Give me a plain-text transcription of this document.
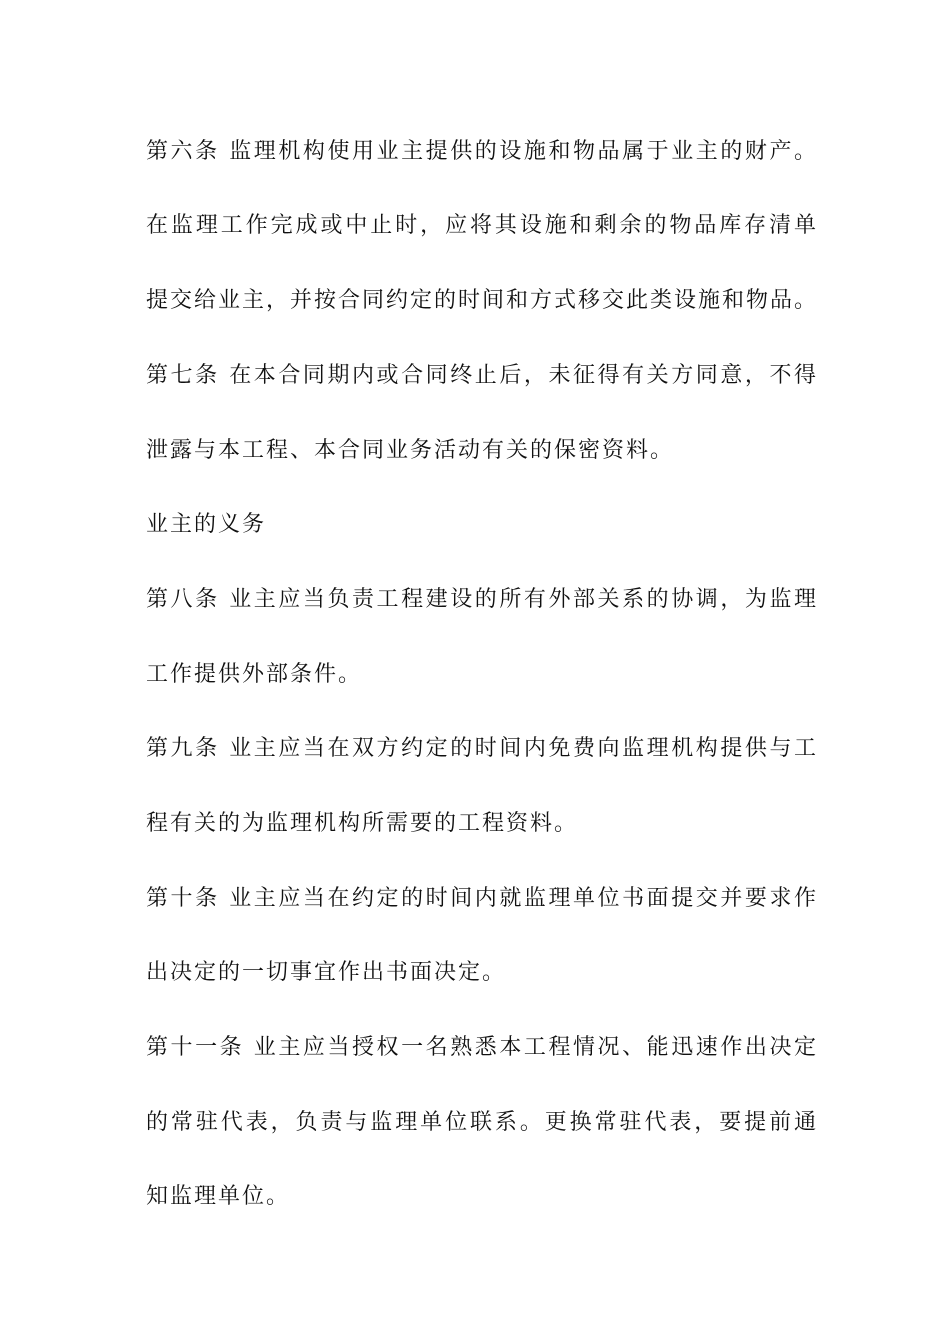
第六条 监理机构使用业主提供的设施和物品属于业主的财产。
在监理工作完成或中止时，应将其设施和剩余的物品库存清单
提交给业主，并按合同约定的时间和方式移交此类设施和物品。
第七条 在本合同期内或合同终止后，未征得有关方同意，不得
泄露与本工程、本合同业务活动有关的保密资料。
业主的义务
第八条 业主应当负责工程建设的所有外部关系的协调，为监理
工作提供外部条件。
第九条 业主应当在双方约定的时间内免费向监理机构提供与工
程有关的为监理机构所需要的工程资料。
第十条 业主应当在约定的时间内就监理单位书面提交并要求作
出决定的一切事宜作出书面决定。
第十一条 业主应当授权一名熟悉本工程情况、能迅速作出决定
的常驻代表，负责与监理单位联系。更换常驻代表，要提前通
知监理单位。
